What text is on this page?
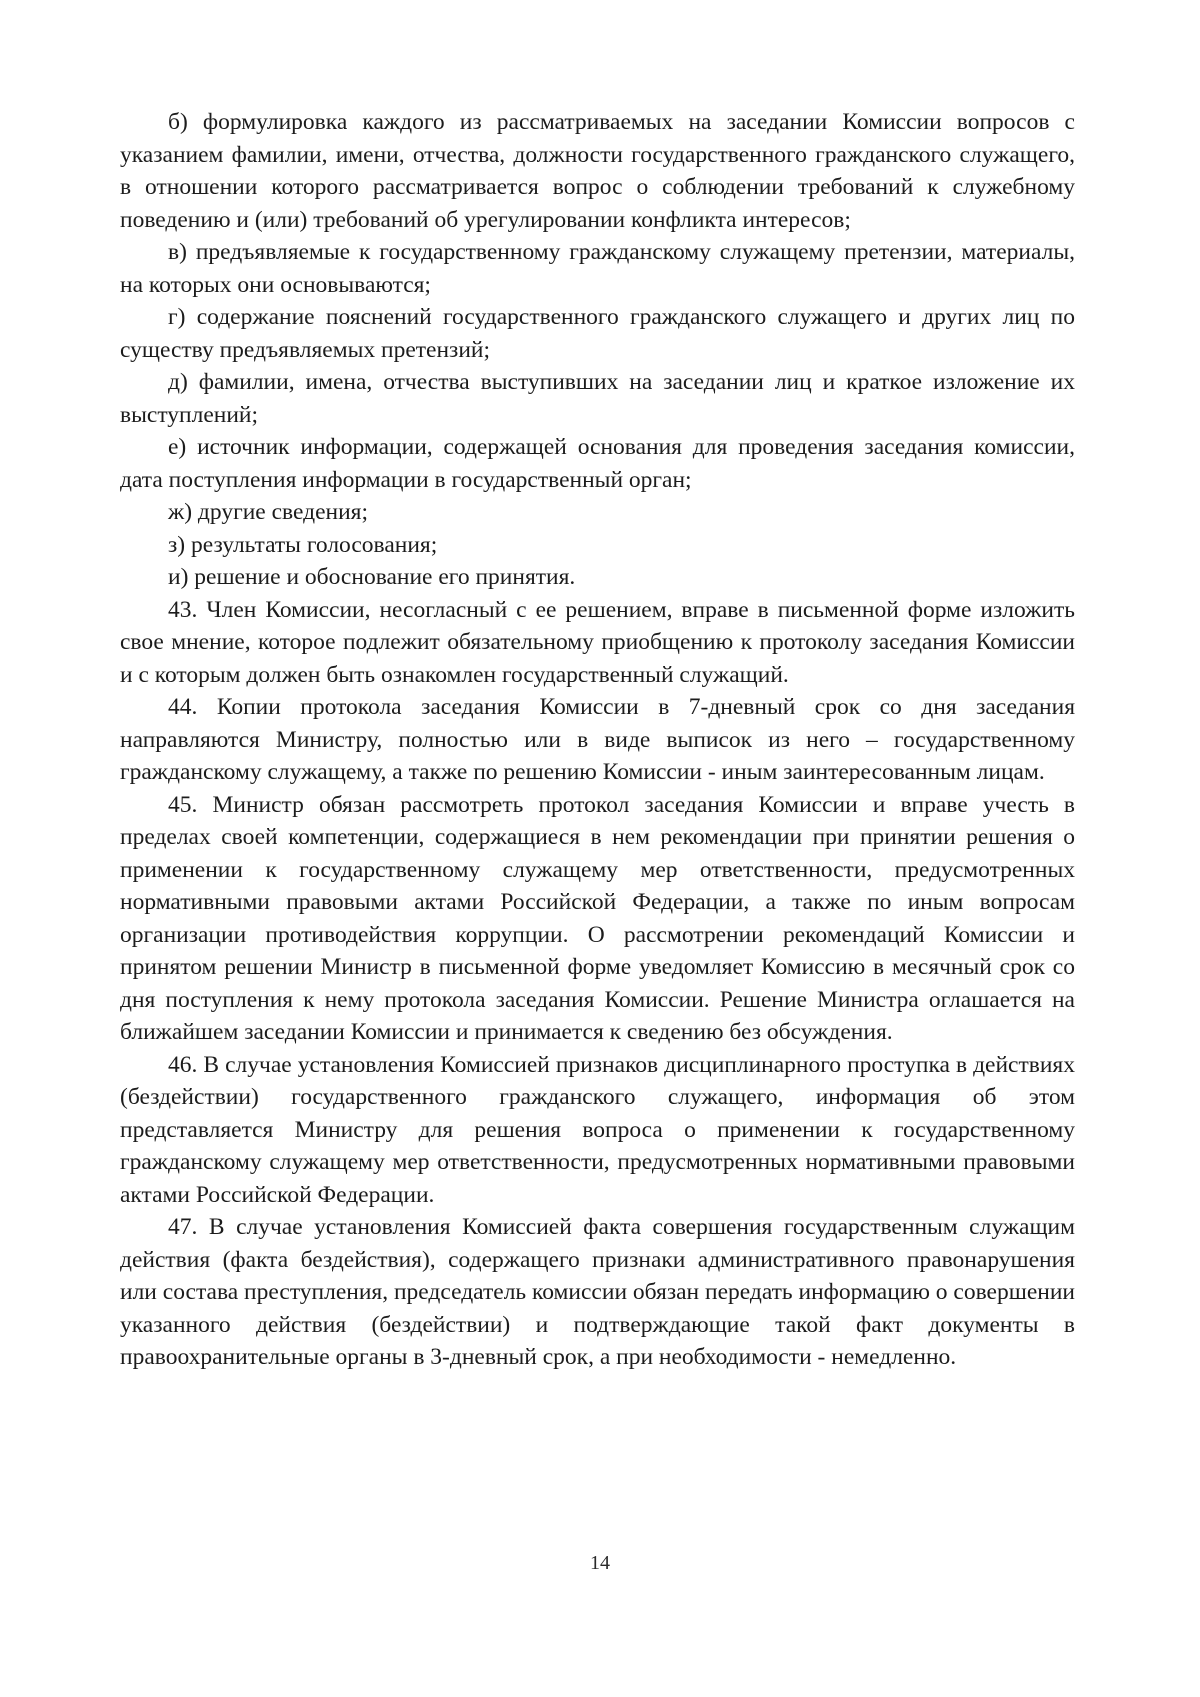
б) формулировка каждого из рассматриваемых на заседании Комиссии вопросов с указанием фамилии, имени, отчества, должности государственного гражданского служащего, в отношении которого рассматривается вопрос о соблюдении требований к служебному поведению и (или) требований об урегулировании конфликта интересов;

в) предъявляемые к государственному гражданскому служащему претензии, материалы, на которых они основываются;

г) содержание пояснений государственного гражданского служащего и других лиц по существу предъявляемых претензий;

д) фамилии, имена, отчества выступивших на заседании лиц и краткое изложение их выступлений;

е) источник информации, содержащей основания для проведения заседания комиссии, дата поступления информации в государственный орган;

ж) другие сведения;

з) результаты голосования;

и) решение и обоснование его принятия.

43. Член Комиссии, несогласный с ее решением, вправе в письменной форме изложить свое мнение, которое подлежит обязательному приобщению к протоколу заседания Комиссии и с которым должен быть ознакомлен государственный служащий.

44. Копии протокола заседания Комиссии в 7-дневный срок со дня заседания направляются Министру, полностью или в виде выписок из него – государственному гражданскому служащему, а также по решению Комиссии - иным заинтересованным лицам.

45. Министр обязан рассмотреть протокол заседания Комиссии и вправе учесть в пределах своей компетенции, содержащиеся в нем рекомендации при принятии решения о применении к государственному служащему мер ответственности, предусмотренных нормативными правовыми актами Российской Федерации, а также по иным вопросам организации противодействия коррупции. О рассмотрении рекомендаций Комиссии и принятом решении Министр в письменной форме уведомляет Комиссию в месячный срок со дня поступления к нему протокола заседания Комиссии. Решение Министра оглашается на ближайшем заседании Комиссии и принимается к сведению без обсуждения.

46. В случае установления Комиссией признаков дисциплинарного проступка в действиях (бездействии) государственного гражданского служащего, информация об этом представляется Министру для решения вопроса о применении к государственному гражданскому служащему мер ответственности, предусмотренных нормативными правовыми актами Российской Федерации.

47. В случае установления Комиссией факта совершения государственным служащим действия (факта бездействия), содержащего признаки административного правонарушения или состава преступления, председатель комиссии обязан передать информацию о совершении указанного действия (бездействии) и подтверждающие такой факт документы в правоохранительные органы в 3-дневный срок, а при необходимости - немедленно.

14
